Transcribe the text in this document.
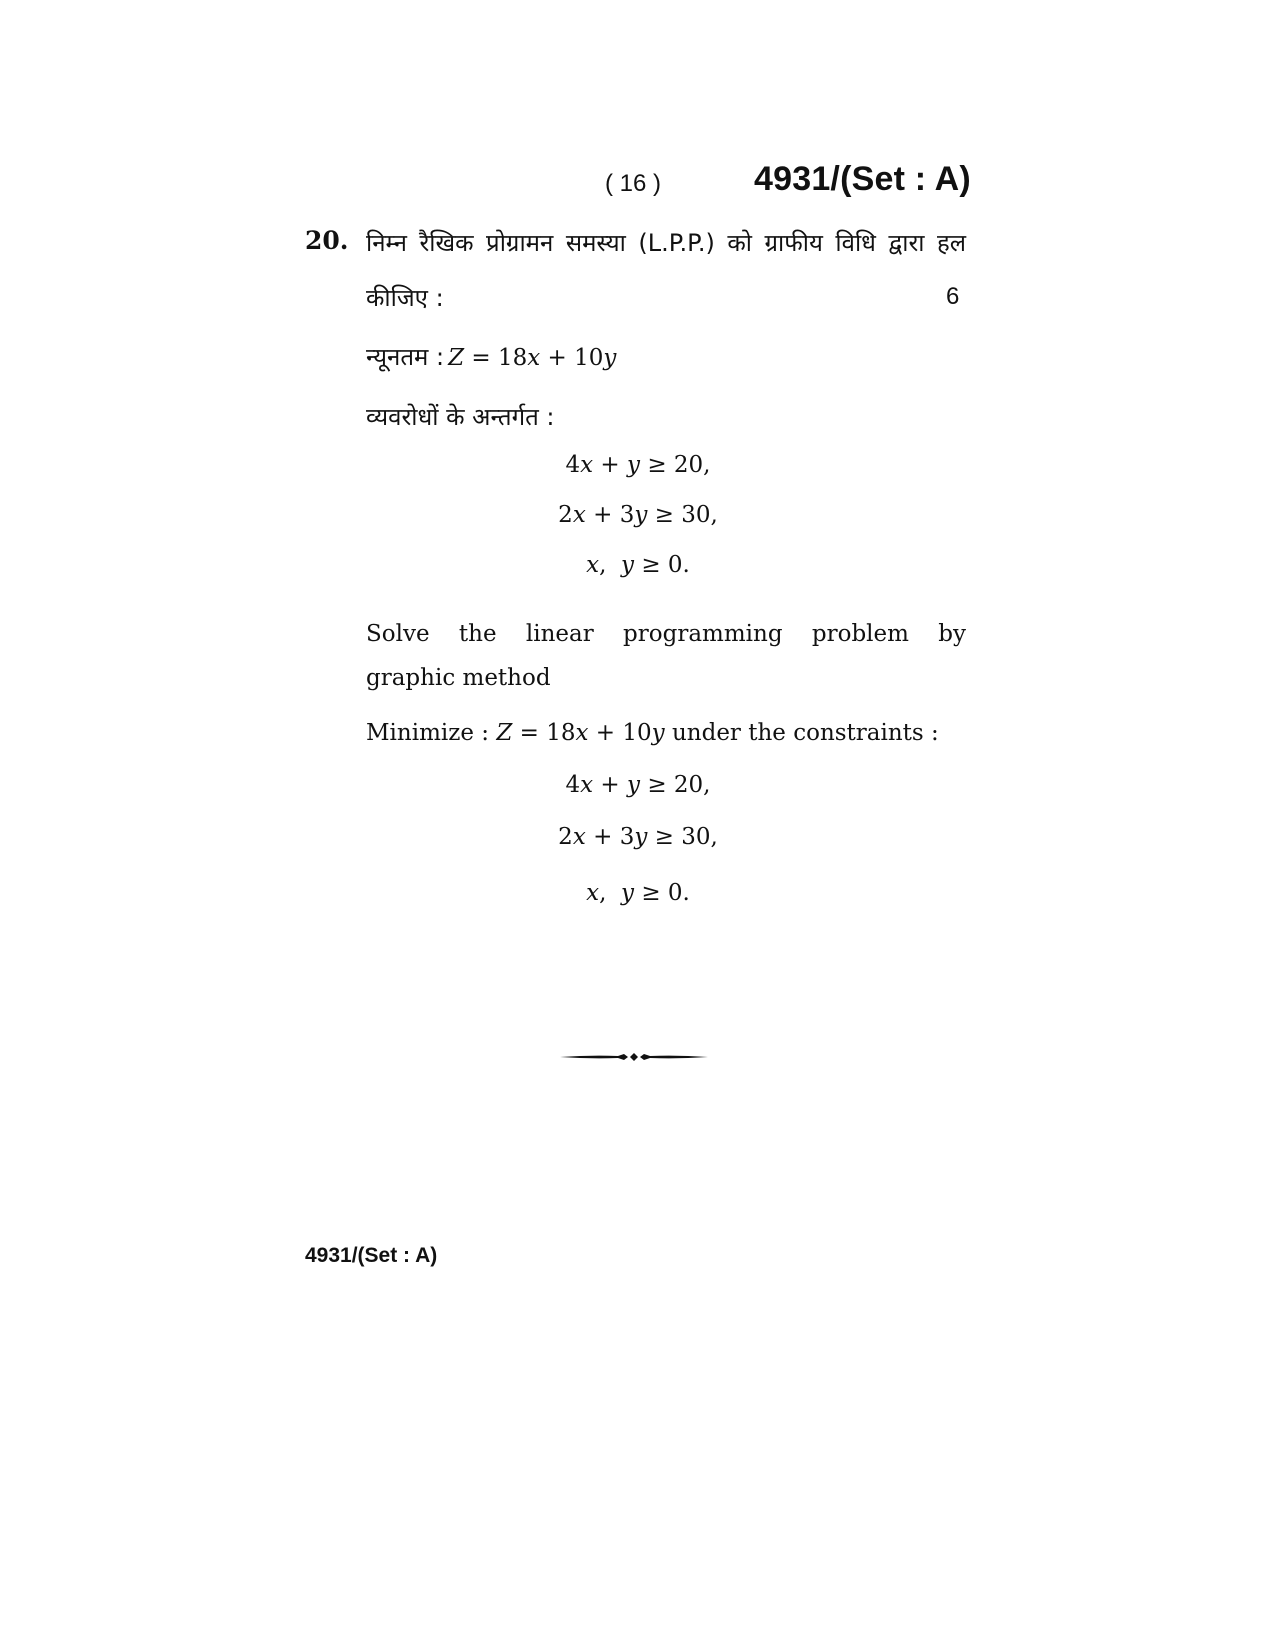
( 16 )	4931/(Set : A)
20. निम्न रैखिक प्रोग्रामन समस्या (L.P.P.) को ग्राफीय विधि द्वारा हल
कीजिए :	6
न्यूनतम : Z = 18x + 10y
व्यवरोधों के अन्तर्गत :
4x + y ≥ 20,
2x + 3y ≥ 30,
x,  y ≥ 0.
Solve the linear programming problem by
graphic method
Minimize : Z = 18x + 10y under the constraints :
4x + y ≥ 20,
2x + 3y ≥ 30,
x,  y ≥ 0.
4931/(Set : A)
